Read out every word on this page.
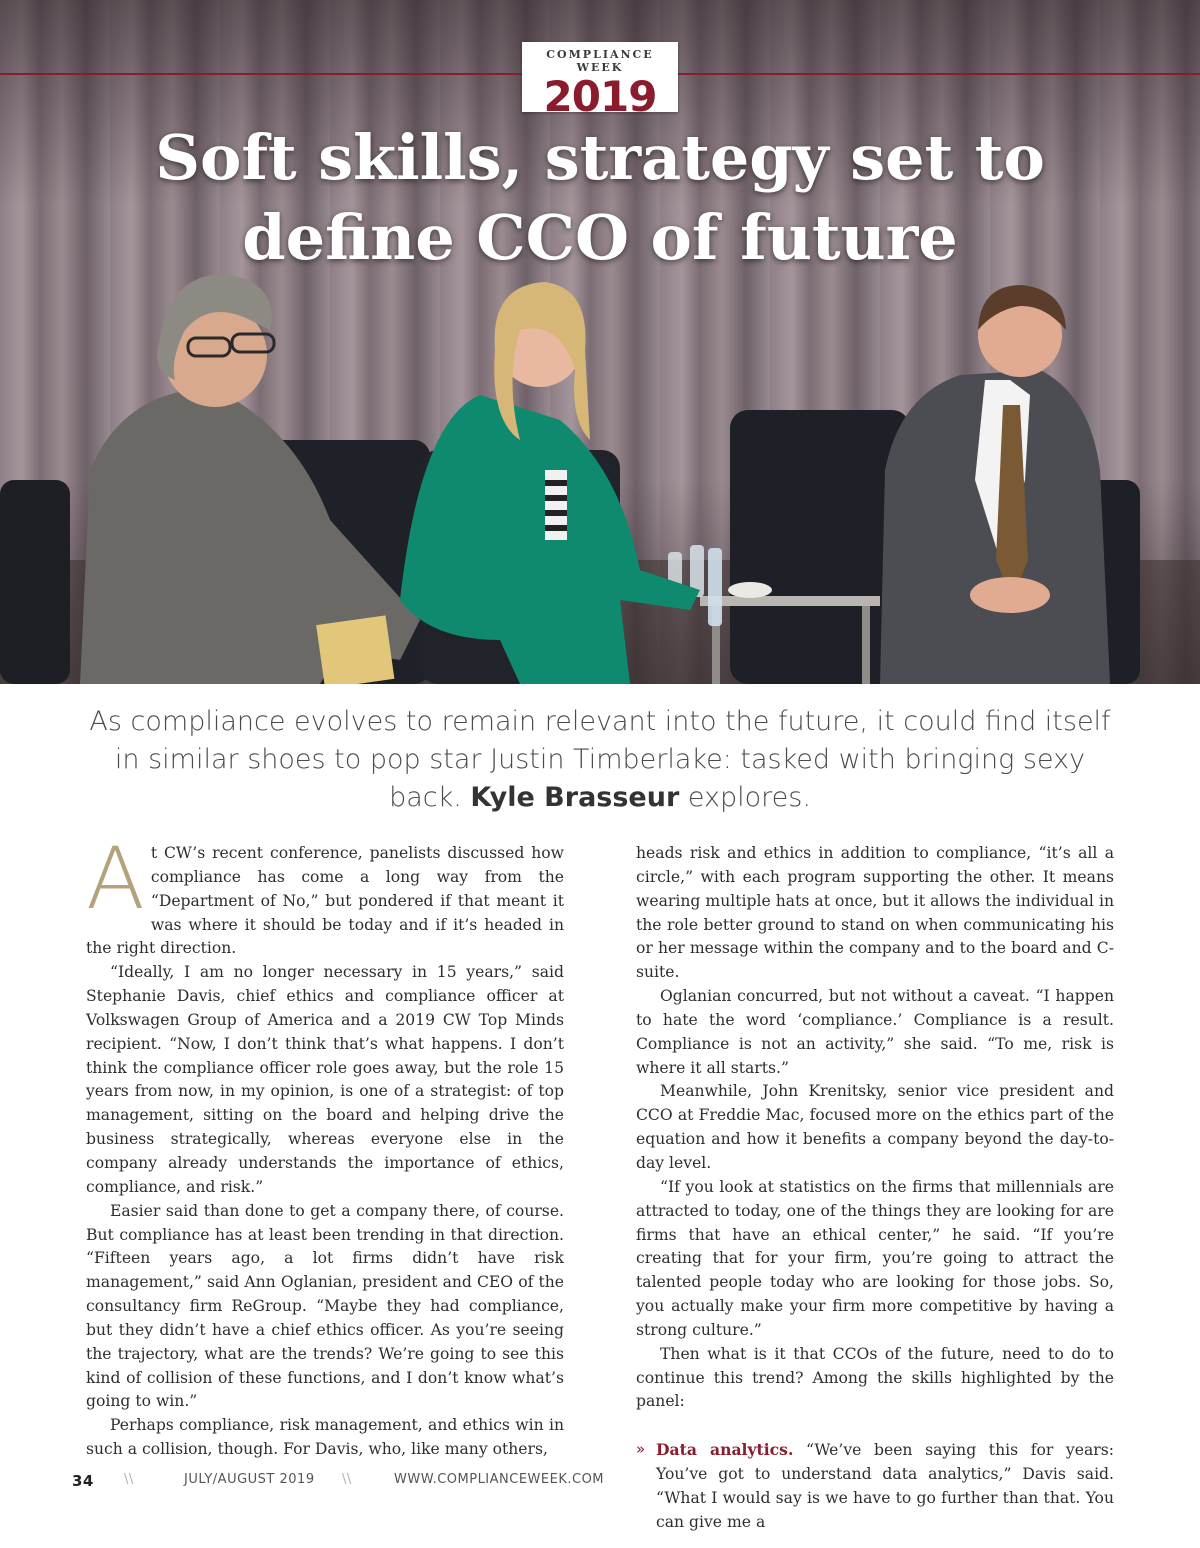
COMPLIANCE WEEK
2019
Soft skills, strategy set to
define CCO of future
As compliance evolves to remain relevant into the future, it could find itself in similar shoes to pop star Justin Timberlake: tasked with bringing sexy back. Kyle Brasseur explores.
A t CW’s recent conference, panelists discussed how compliance has come a long way from the “Department of No,” but pondered if that meant it was where it should be today and if it’s headed in the right direction.

“Ideally, I am no longer necessary in 15 years,” said Stephanie Davis, chief ethics and compliance officer at Volkswagen Group of America and a 2019 CW Top Minds recipient. “Now, I don’t think that’s what happens. I don’t think the compliance officer role goes away, but the role 15 years from now, in my opinion, is one of a strategist: of top management, sitting on the board and helping drive the business strategically, whereas everyone else in the company already understands the importance of ethics, compliance, and risk.”

Easier said than done to get a company there, of course. But compliance has at least been trending in that direction. “Fifteen years ago, a lot firms didn’t have risk management,” said Ann Oglanian, president and CEO of the consultancy firm ReGroup. “Maybe they had compliance, but they didn’t have a chief ethics officer. As you’re seeing the trajectory, what are the trends? We’re going to see this kind of collision of these functions, and I don’t know what’s going to win.”

Perhaps compliance, risk management, and ethics win in such a collision, though. For Davis, who, like many others,

heads risk and ethics in addition to compliance, “it’s all a circle,” with each program supporting the other. It means wearing multiple hats at once, but it allows the individual in the role better ground to stand on when communicating his or her message within the company and to the board and C-suite.

Oglanian concurred, but not without a caveat. “I happen to hate the word ‘compliance.’ Compliance is a result. Compliance is not an activity,” she said. “To me, risk is where it all starts.”

Meanwhile, John Krenitsky, senior vice president and CCO at Freddie Mac, focused more on the ethics part of the equation and how it benefits a company beyond the day-to-day level.

“If you look at statistics on the firms that millennials are attracted to today, one of the things they are looking for are firms that have an ethical center,” he said. “If you’re creating that for your firm, you’re going to attract the talented people today who are looking for those jobs. So, you actually make your firm more competitive by having a strong culture.”

Then what is it that CCOs of the future, need to do to continue this trend? Among the skills highlighted by the panel:

» Data analytics. “We’ve been saying this for years: You’ve got to understand data analytics,” Davis said. “What I would say is we have to go further than that. You can give me a

34 \\	JULY/AUGUST 2019 \\	WWW.COMPLIANCEWEEK.COM
